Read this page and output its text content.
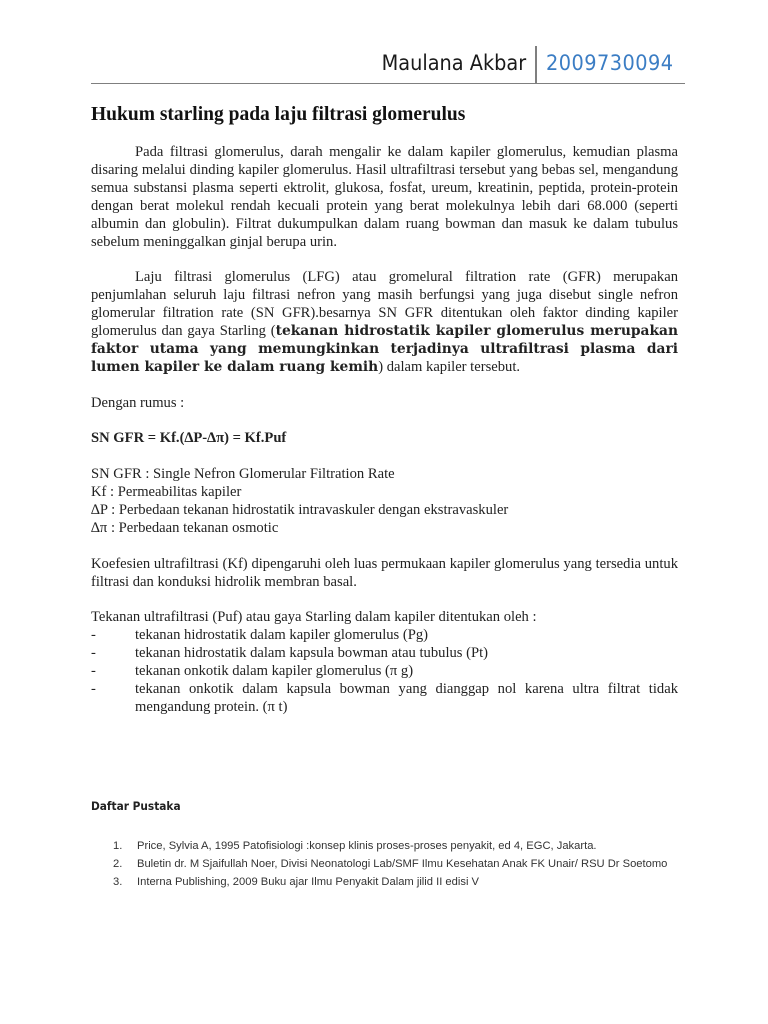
Maulana Akbar 2009730094
Hukum starling pada laju filtrasi glomerulus

Pada filtrasi glomerulus, darah mengalir ke dalam kapiler glomerulus, kemudian plasma disaring melalui dinding kapiler glomerulus. Hasil ultrafiltrasi tersebut yang bebas sel, mengandung semua substansi plasma seperti ektrolit, glukosa, fosfat, ureum, kreatinin, peptida, protein-protein dengan berat molekul rendah kecuali protein yang berat molekulnya lebih dari 68.000 (seperti albumin dan globulin). Filtrat dukumpulkan dalam ruang bowman dan masuk ke dalam tubulus sebelum meninggalkan ginjal berupa urin.

Laju filtrasi glomerulus (LFG) atau gromelural filtration rate (GFR) merupakan penjumlahan seluruh laju filtrasi nefron yang masih berfungsi yang juga disebut single nefron glomerular filtration rate (SN GFR).besarnya SN GFR ditentukan oleh faktor dinding kapiler glomerulus dan gaya Starling (tekanan hidrostatik kapiler glomerulus merupakan faktor utama yang memungkinkan terjadinya ultrafiltrasi plasma dari lumen kapiler ke dalam ruang kemih) dalam kapiler tersebut.

Dengan rumus :

SN GFR = Kf.(∆P-∆π) = Kf.Puf

SN GFR : Single Nefron Glomerular Filtration Rate

Kf : Permeabilitas kapiler

∆P : Perbedaan tekanan hidrostatik intravaskuler dengan ekstravaskuler

∆π : Perbedaan tekanan osmotic

Koefesien ultrafiltrasi (Kf) dipengaruhi oleh luas permukaan kapiler glomerulus yang tersedia untuk filtrasi dan konduksi hidrolik membran basal.

Tekanan ultrafiltrasi (Puf) atau gaya Starling dalam kapiler ditentukan oleh :

- tekanan hidrostatik dalam kapiler glomerulus (Pg)
- tekanan hidrostatik dalam kapsula bowman atau tubulus (Pt)
- tekanan onkotik dalam kapiler glomerulus (π g)
- tekanan onkotik dalam kapsula bowman yang dianggap nol karena ultra filtrat tidak mengandung protein. (π t)
Daftar Pustaka
1. Price, Sylvia A, 1995 Patofisiologi :konsep klinis proses-proses penyakit, ed 4, EGC, Jakarta.
2. Buletin dr. M Sjaifullah Noer, Divisi Neonatologi Lab/SMF Ilmu Kesehatan Anak FK Unair/ RSU Dr Soetomo
3. Interna Publishing, 2009 Buku ajar Ilmu Penyakit Dalam jilid II edisi V
